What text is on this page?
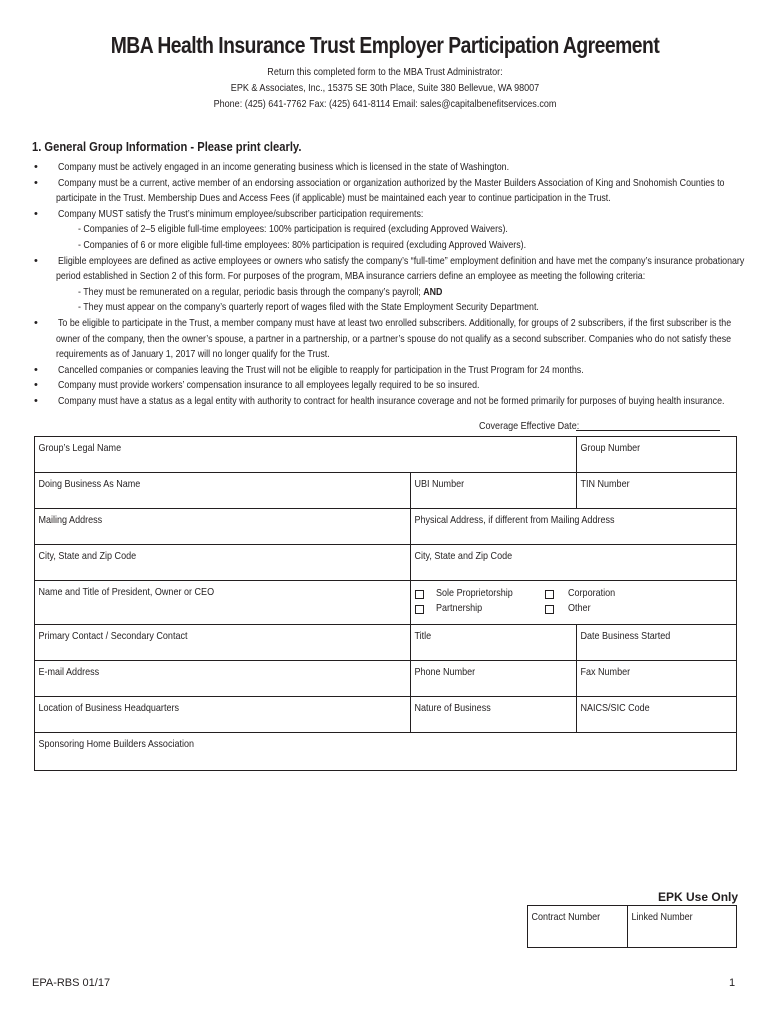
MBA Health Insurance Trust Employer Participation Agreement
Return this completed form to the MBA Trust Administrator:
EPK & Associates, Inc., 15375 SE 30th Place, Suite 380 Bellevue, WA 98007
Phone: (425) 641-7762 Fax: (425) 641-8114 Email: sales@capitalbenefitservices.com
1. General Group Information - Please print clearly.
• Company must be actively engaged in an income generating business which is licensed in the state of Washington.
• Company must be a current, active member of an endorsing association or organization authorized by the Master Builders Association of King and Snohomish Counties to
participate in the Trust. Membership Dues and Access Fees (if applicable) must be maintained each year to continue participation in the Trust.
• Company MUST satisfy the Trust’s minimum employee/subscriber participation requirements:
- Companies of 2–5 eligible full-time employees: 100% participation is required (excluding Approved Waivers).
- Companies of 6 or more eligible full-time employees: 80% participation is required (excluding Approved Waivers).
• Eligible employees are defined as active employees or owners who satisfy the company’s “full-time” employment definition and have met the company’s insurance probationary
period established in Section 2 of this form. For purposes of the program, MBA insurance carriers define an employee as meeting the following criteria:
- They must be remunerated on a regular, periodic basis through the company’s payroll; AND
- They must appear on the company’s quarterly report of wages filed with the State Employment Security Department.
• To be eligible to participate in the Trust, a member company must have at least two enrolled subscribers. Additionally, for groups of 2 subscribers, if the first subscriber is the
owner of the company, then the owner’s spouse, a partner in a partnership, or a partner’s spouse do not qualify as a second subscriber. Companies who do not satisfy these
requirements as of January 1, 2017 will no longer qualify for the Trust.
• Cancelled companies or companies leaving the Trust will not be eligible to reapply for participation in the Trust Program for 24 months.
• Company must provide workers’ compensation insurance to all employees legally required to be so insured.
• Company must have a status as a legal entity with authority to contract for health insurance coverage and not be formed primarily for purposes of buying health insurance.
Coverage Effective Date:
Group’s Legal Name		Group Number

Doing Business As Name	UBI Number	TIN Number

Mailing Address	Physical Address, if different from Mailing Address	

City, State and Zip Code	City, State and Zip Code	

Name and Title of President, Owner or CEO	Sole Proprietorship
Partnership
Corporation
Other	

Primary Contact / Secondary Contact	Title	Date Business Started

E-mail Address	Phone Number	Fax Number

Location of Business Headquarters	Nature of Business	NAICS/SIC Code

Sponsoring Home Builders Association		
EPK Use Only
Contract Number	Linked Number
EPA-RBS 01/17	1
